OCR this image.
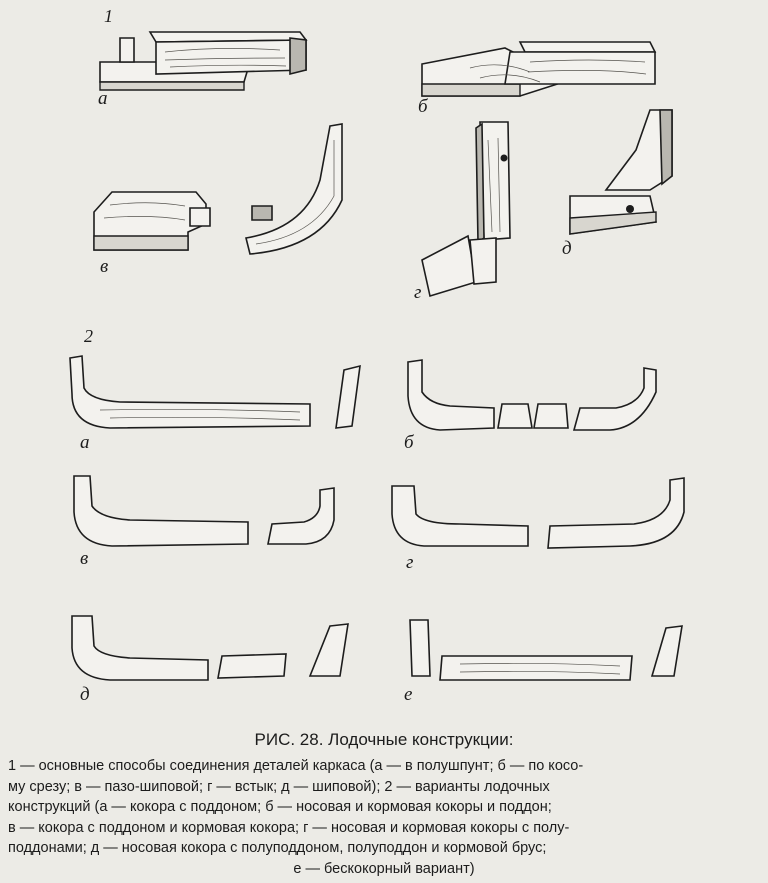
1
2
а	б
в
г
д
а	б
в	г
д	е
РИС. 28. Лодочные конструкции:
1 — основные способы соединения деталей каркаса (а — в полушпунт; б — по косо-
му срезу; в — пазо-шиповой; г — встык; д — шиповой); 2 — варианты лодочных
конструкций (а — кокора с поддоном; б — носовая и кормовая кокоры и поддон;
в — кокора с поддоном и кормовая кокора; г — носовая и кормовая кокоры с полу-
поддонами; д — носовая кокора с полуподдоном, полуподдон и кормовой брус;
е — бескокорный вариант)
